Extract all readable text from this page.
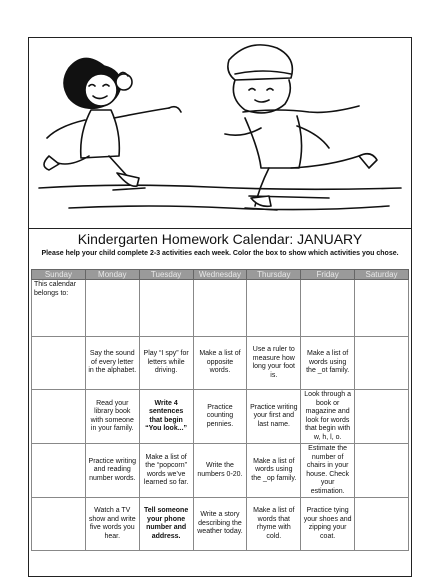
Kindergarten Homework Calendar: JANUARY
Please help your child complete 2-3 activities each week. Color the box to show which activities you chose.
Sunday	Monday	Tuesday	Wednesday	Thursday	Friday	Saturday
This calendar belongs to:						
	Say the sound of every letter in the alphabet.	Play “I spy” for letters while driving.	Make a list of opposite words.	Use a ruler to measure how long your foot is.	Make a list of words using the _ot family.	
	Read your library book with someone in your family.	Write 4 sentences that begin “You look...”	Practice counting pennies.	Practice writing your first and last name.	Look through a book or magazine and look for words that begin with w, h, l, o.	
	Practice writing and reading number words.	Make a list of the “popcorn” words we’ve learned so far.	Write the numbers 0-20.	Make a list of words using the _op family.	Estimate the number of chairs in your house. Check your estimation.	
	Watch a TV show and write five words you hear.	Tell someone your phone number and address.	Write a story describing the weather today.	Make a list of words that rhyme with cold.	Practice tying your shoes and zipping your coat.	
